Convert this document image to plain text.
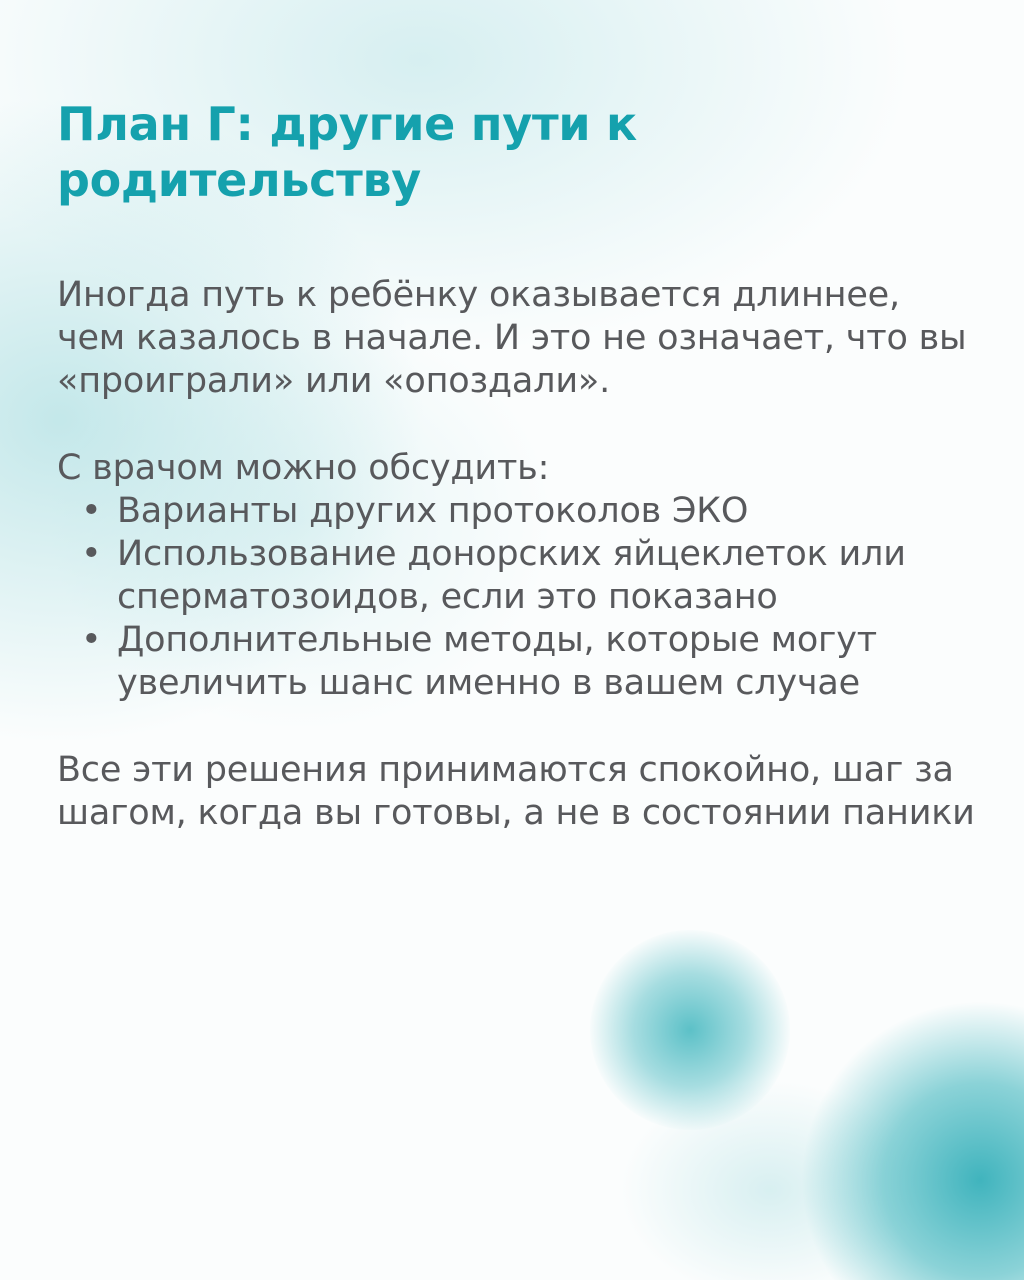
План Г: другие пути к родительству

Иногда путь к ребёнку оказывается длиннее, чем казалось в начале. И это не означает, что вы «проиграли» или «опоздали».

С врачом можно обсудить:

• Варианты других протоколов ЭКО
• Использование донорских яйцеклеток или сперматозоидов, если это показано
• Дополнительные методы, которые могут увеличить шанс именно в вашем случае

Все эти решения принимаются спокойно, шаг за шагом, когда вы готовы, а не в состоянии паники
